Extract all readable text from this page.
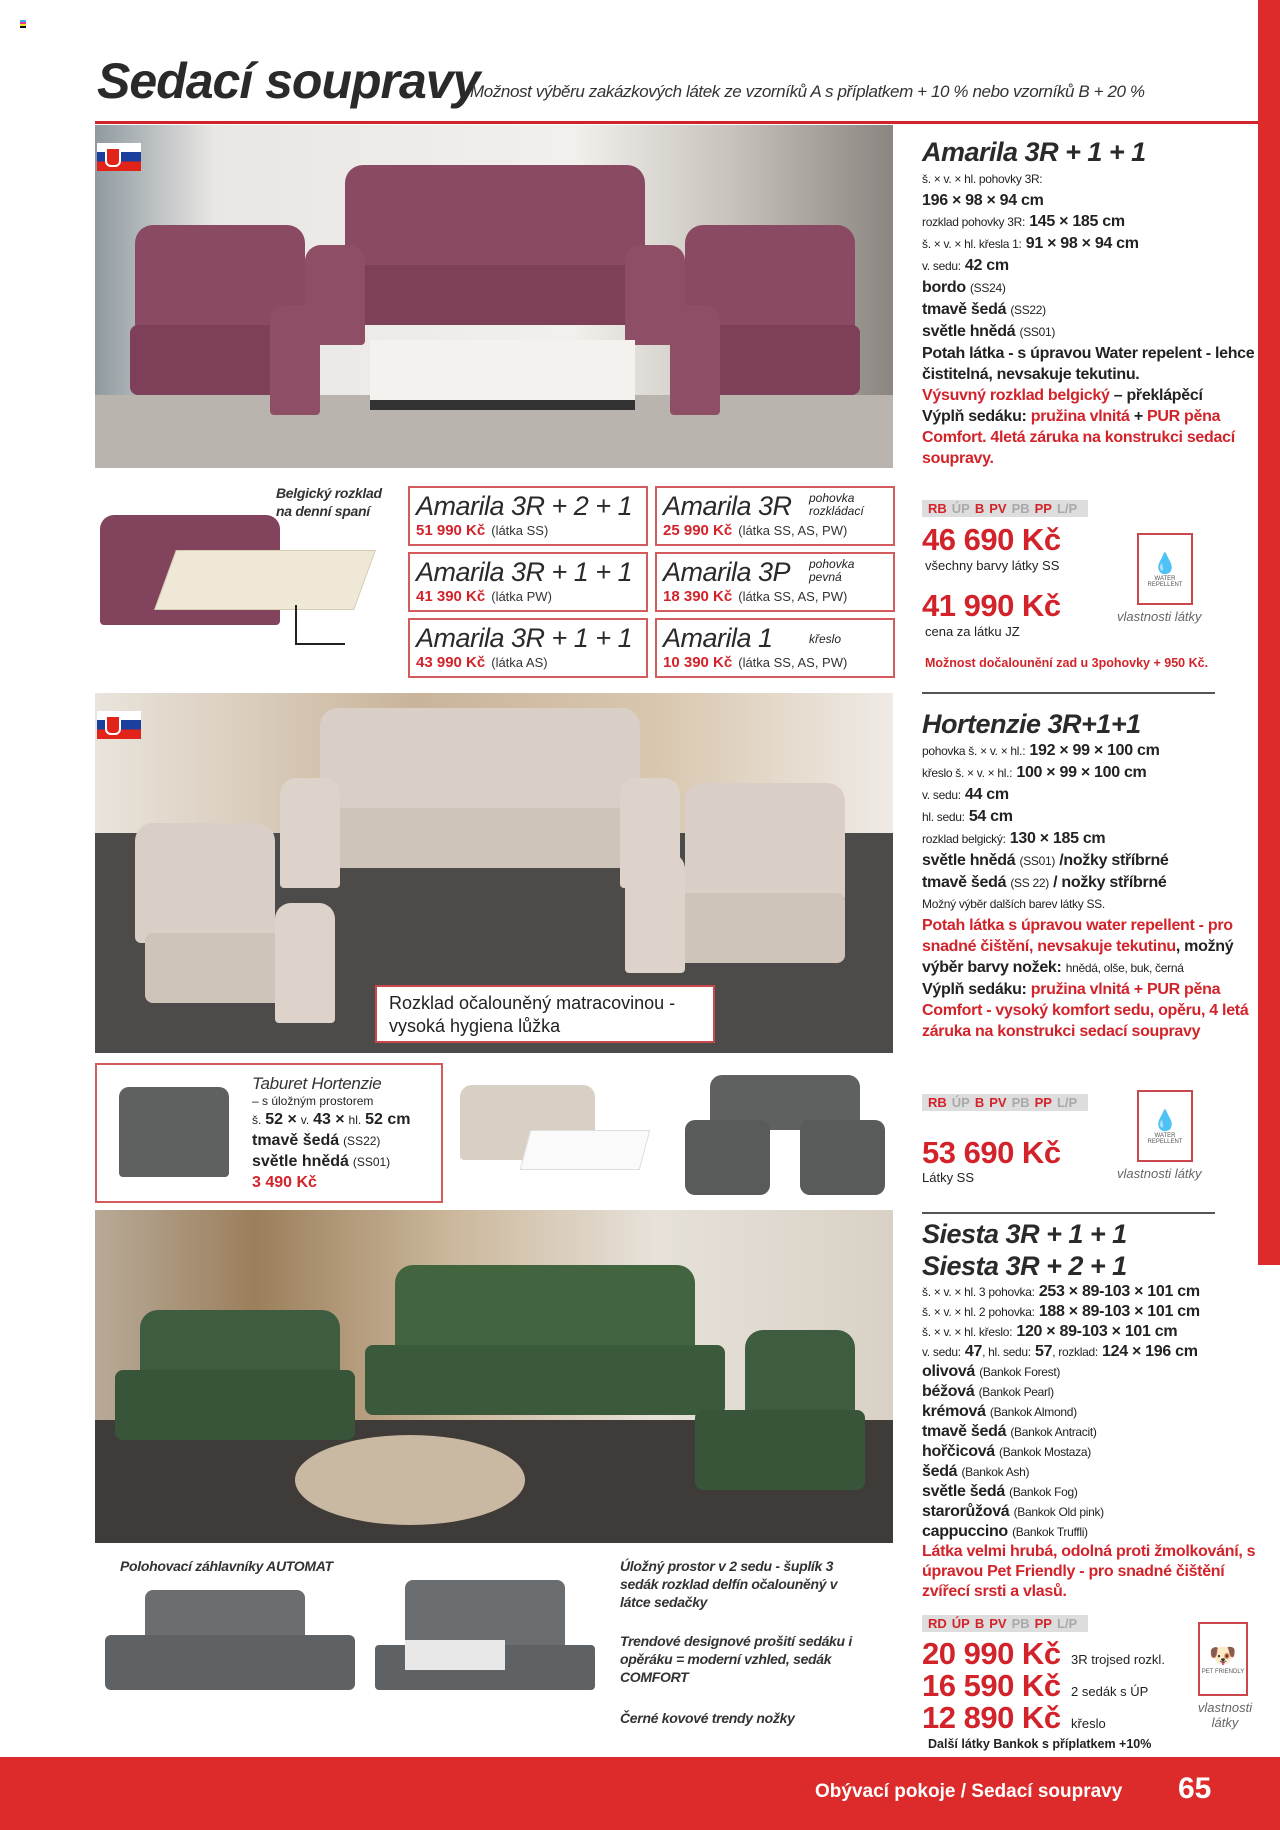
Sedací soupravy
Možnost výběru zakázkových látek ze vzorníků A s příplatkem + 10 % nebo vzorníků B + 20 %
Amarila 3R + 1 + 1
š. × v. × hl. pohovky 3R:
196 × 98 × 94 cm
rozklad pohovky 3R: 145 × 185 cm
š. × v. × hl. křesla 1: 91 × 98 × 94 cm
v. sedu: 42 cm
bordo (SS24)
tmavě šedá (SS22)
světle hnědá (SS01)
Potah látka - s úpravou Water repelent - lehce čistitelná, nevsakuje tekutinu.
Výsuvný rozklad belgický – překlápěcí
Výplň sedáku: pružina vlnitá + PUR pěna Comfort. 4letá záruka na konstrukci sedací soupravy.
RB ÚP B PV PB PP L/P
46 690 Kč
všechny barvy látky SS
41 990 Kč
cena za látku JZ
💧
WATER REPELLENT
vlastnosti látky
Možnost dočalounění zad u 3pohovky + 950 Kč.
Belgický rozklad na denní spaní	Amarila 3R + 2 + 1
51 990 Kč (látka SS)
Amarila 3R
25 990 Kč (látka SS, AS, PW)
pohovka rozkládací
Amarila 3R + 1 + 1
41 390 Kč (látka PW)
Amarila 3P
18 390 Kč (látka SS, AS, PW)
pohovka pevná
Amarila 3R + 1 + 1
43 990 Kč (látka AS)
Amarila 1
10 390 Kč (látka SS, AS, PW)
křeslo
Rozklad očalouněný matracovinou - vysoká hygiena lůžka
Hortenzie 3R+1+1
pohovka š. × v. × hl.: 192 × 99 × 100 cm
křeslo š. × v. × hl.: 100 × 99 × 100 cm
v. sedu: 44 cm
hl. sedu: 54 cm
rozklad belgický: 130 × 185 cm
světle hnědá (SS01) /nožky stříbrné
tmavě šedá (SS 22) / nožky stříbrné
Možný výběr dalších barev látky SS.
Potah látka s úpravou water repellent - pro snadné čištění, nevsakuje tekutinu, možný výběr barvy nožek: hnědá, olše, buk, černá
Výplň sedáku: pružina vlnitá + PUR pěna Comfort - vysoký komfort sedu, opěru, 4 letá záruka na konstrukci sedací soupravy
RB ÚP B PV PB PP L/P
53 690 Kč
Látky SS
💧
WATER REPELLENT
vlastnosti látky
Taburet Hortenzie
– s úložným prostorem
š. 52 × v. 43 × hl. 52 cm
tmavě šedá (SS22)
světle hnědá (SS01)
3 490 Kč
Siesta 3R + 1 + 1
Siesta 3R + 2 + 1
š. × v. × hl. 3 pohovka: 253 × 89-103 × 101 cm
š. × v. × hl. 2 pohovka: 188 × 89-103 × 101 cm
š. × v. × hl. křeslo: 120 × 89-103 × 101 cm
v. sedu: 47, hl. sedu: 57, rozklad: 124 × 196 cm
olivová (Bankok Forest)
béžová (Bankok Pearl)
krémová (Bankok Almond)
tmavě šedá (Bankok Antracit)
hořčicová (Bankok Mostaza)
šedá (Bankok Ash)
světle šedá (Bankok Fog)
starorůžová (Bankok Old pink)
cappuccino (Bankok Truffli)
Látka velmi hrubá, odolná proti žmolkování, s úpravou Pet Friendly - pro snadné čištění zvířecí srsti a vlasů.
RD ÚP B PV PB PP L/P
20 990 Kč 3R trojsed rozkl.
16 590 Kč 2 sedák s ÚP
12 890 Kč křeslo
Další látky Bankok s příplatkem +10%
🐶
PET FRIENDLY
vlastnosti látky
Polohovací záhlavníky AUTOMAT	Úložný prostor v 2 sedu - šuplík 3 sedák rozklad delfín očalouněný v látce sedačky
Trendové designové prošití sedáku i opěráku = moderní vzhled, sedák COMFORT
Černé kovové trendy nožky
Obývací pokoje / Sedací soupravy 65
